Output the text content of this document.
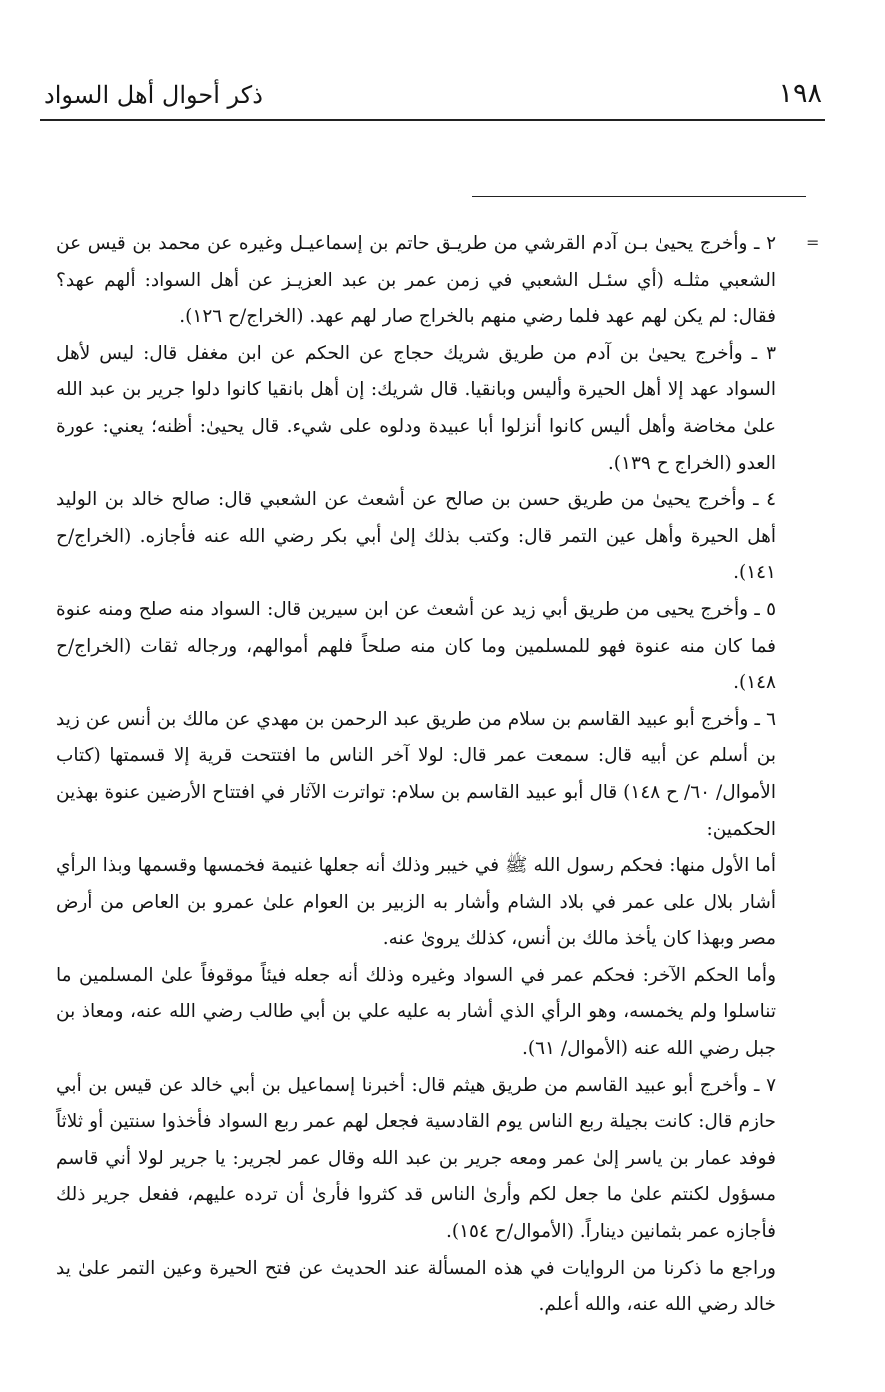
١٩٨
ذكر أحوال أهل السواد
=

٢ ـ وأخرج يحيىٰ بـن آدم القرشي من طريـق حاتم بن إسماعيـل وغيره عن محمد بن قيس عن الشعبي مثلـه (أي سئـل الشعبي في زمن عمر بن عبد العزيـز عن أهل السواد: ألهم عهد؟ فقال: لم يكن لهم عهد فلما رضي منهم بالخراج صار لهم عهد. (الخراج/ح ١٢٦).

٣ ـ وأخرج يحيىٰ بن آدم من طريق شريك حجاج عن الحكم عن ابن مغفل قال: ليس لأهل السواد عهد إلا أهل الحيرة وأليس وبانقيا. قال شريك: إن أهل بانقيا كانوا دلوا جرير بن عبد الله علىٰ مخاضة وأهل أليس كانوا أنزلوا أبا عبيدة ودلوه على شيء. قال يحيىٰ: أظنه؛ يعني: عورة العدو (الخراج ح ١٣٩).

٤ ـ وأخرج يحيىٰ من طريق حسن بن صالح عن أشعث عن الشعبي قال: صالح خالد بن الوليد أهل الحيرة وأهل عين التمر قال: وكتب بذلك إلىٰ أبي بكر رضي الله عنه فأجازه. (الخراج/ح ١٤١).

٥ ـ وأخرج يحيى من طريق أبي زيد عن أشعث عن ابن سيرين قال: السواد منه صلح ومنه عنوة فما كان منه عنوة فهو للمسلمين وما كان منه صلحاً فلهم أموالهم، ورجاله ثقات (الخراج/ح ١٤٨).

٦ ـ وأخرج أبو عبيد القاسم بن سلام من طريق عبد الرحمن بن مهدي عن مالك بن أنس عن زيد بن أسلم عن أبيه قال: سمعت عمر قال: لولا آخر الناس ما افتتحت قرية إلا قسمتها (كتاب الأموال/ ٦٠/ ح ١٤٨) قال أبو عبيد القاسم بن سلام: تواترت الآثار في افتتاح الأرضين عنوة بهذين الحكمين:

أما الأول منها: فحكم رسول الله ﷺ في خيبر وذلك أنه جعلها غنيمة فخمسها وقسمها وبذا الرأي أشار بلال على عمر في بلاد الشام وأشار به الزبير بن العوام علىٰ عمرو بن العاص من أرض مصر وبهذا كان يأخذ مالك بن أنس، كذلك يروىٰ عنه.

وأما الحكم الآخر: فحكم عمر في السواد وغيره وذلك أنه جعله فيئاً موقوفاً علىٰ المسلمين ما تناسلوا ولم يخمسه، وهو الرأي الذي أشار به عليه علي بن أبي طالب رضي الله عنه، ومعاذ بن جبل رضي الله عنه (الأموال/ ٦١).

٧ ـ وأخرج أبو عبيد القاسم من طريق هيثم قال: أخبرنا إسماعيل بن أبي خالد عن قيس بن أبي حازم قال: كانت بجيلة ربع الناس يوم القادسية فجعل لهم عمر ربع السواد فأخذوا سنتين أو ثلاثاً فوفد عمار بن ياسر إلىٰ عمر ومعه جرير بن عبد الله وقال عمر لجرير: يا جرير لولا أني قاسم مسؤول لكنتم علىٰ ما جعل لكم وأرىٰ الناس قد كثروا فأرىٰ أن ترده عليهم، ففعل جرير ذلك فأجازه عمر بثمانين ديناراً. (الأموال/ح ١٥٤).

وراجع ما ذكرنا من الروايات في هذه المسألة عند الحديث عن فتح الحيرة وعين التمر علىٰ يد خالد رضي الله عنه، والله أعلم.
